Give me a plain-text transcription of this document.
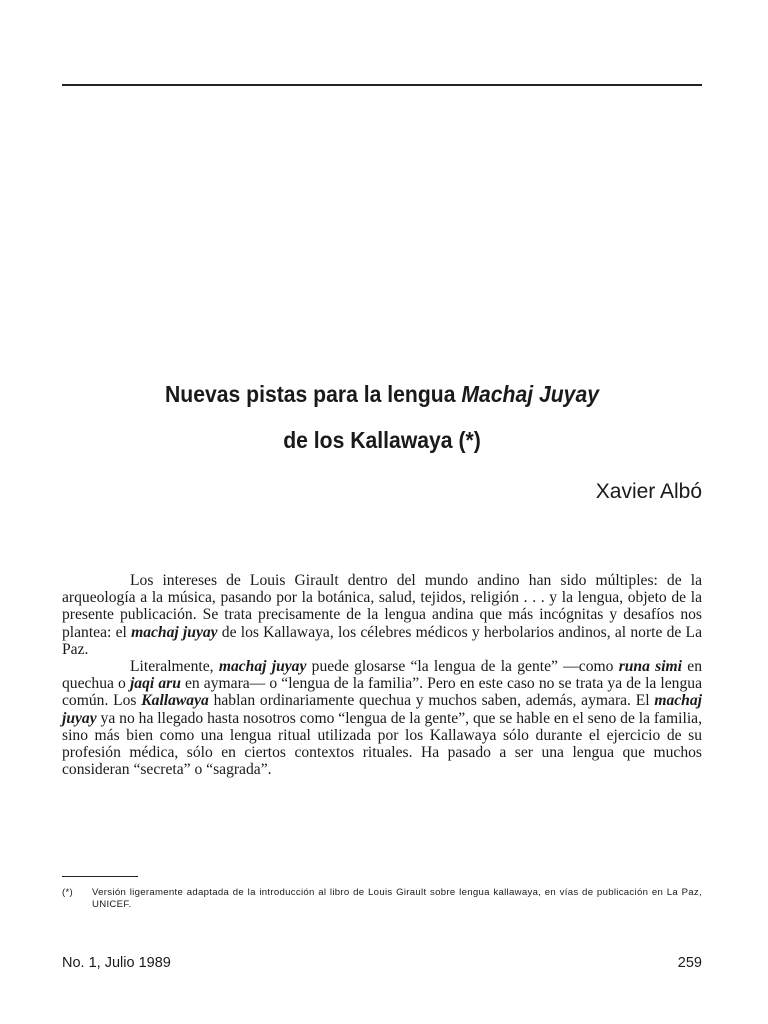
Nuevas pistas para la lengua Machaj Juyay
de los Kallawaya (*)
Xavier Albó

Los intereses de Louis Girault dentro del mundo andino han sido múltiples: de la arqueología a la música, pasando por la botánica, salud, tejidos, religión . . . y la lengua, objeto de la presente publicación. Se trata precisamente de la lengua andina que más incógnitas y desafíos nos plantea: el machaj juyay de los Kallawaya, los célebres médicos y herbolarios andinos, al norte de La Paz.

Literalmente, machaj juyay puede glosarse “la lengua de la gente” —como runa simi en quechua o jaqi aru en aymara— o “lengua de la familia”. Pero en este caso no se trata ya de la lengua común. Los Kallawaya hablan ordinariamente quechua y muchos saben, además, aymara. El machaj juyay ya no ha llegado hasta nosotros como “lengua de la gente”, que se hable en el seno de la familia, sino más bien como una lengua ritual utilizada por los Kallawaya sólo durante el ejercicio de su profesión médica, sólo en ciertos contextos rituales. Ha pasado a ser una lengua que muchos consideran “secreta” o “sagrada”.

(*) Versión ligeramente adaptada de la introducción al libro de Louis Girault sobre lengua kallawaya, en vías de publicación en La Paz, UNICEF.
No. 1, Julio 1989	259
